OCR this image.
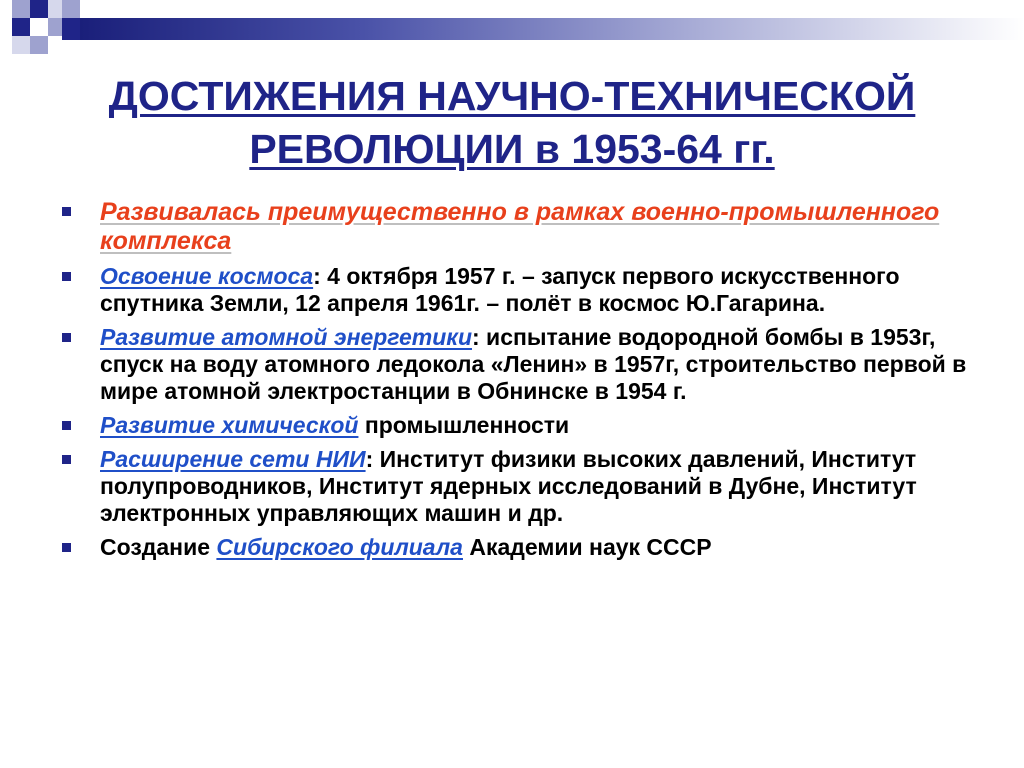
ДОСТИЖЕНИЯ НАУЧНО-ТЕХНИЧЕСКОЙ
РЕВОЛЮЦИИ в 1953-64 гг.
Развивалась преимущественно в рамках военно-промышленного комплекса
Освоение космоса: 4 октября 1957 г. – запуск первого искусственного спутника Земли, 12 апреля 1961г. – полёт в космос Ю.Гагарина.
Развитие атомной энергетики: испытание водородной бомбы в 1953г, спуск на воду атомного ледокола «Ленин» в 1957г, строительство первой в мире атомной электростанции в Обнинске в 1954 г.
Развитие химической промышленности
Расширение сети НИИ: Институт физики высоких давлений, Институт полупроводников, Институт ядерных исследований в Дубне, Институт электронных управляющих машин и др.
Создание Сибирского филиала Академии наук СССР
